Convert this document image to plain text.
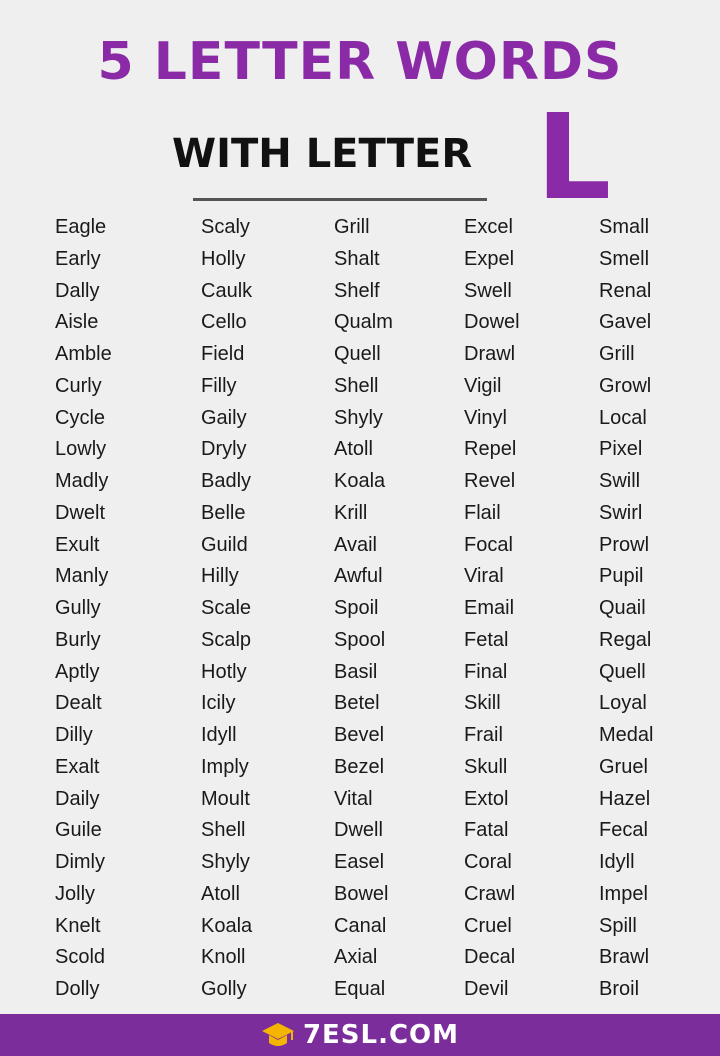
5 LETTER WORDS
WITH LETTER L
Eagle
Early
Dally
Aisle
Amble
Curly
Cycle
Lowly
Madly
Dwelt
Exult
Manly
Gully
Burly
Aptly
Dealt
Dilly
Exalt
Daily
Guile
Dimly
Jolly
Knelt
Scold
Dolly
Scaly
Holly
Caulk
Cello
Field
Filly
Gaily
Dryly
Badly
Belle
Guild
Hilly
Scale
Scalp
Hotly
Icily
Idyll
Imply
Moult
Shell
Shyly
Atoll
Koala
Knoll
Golly
Grill
Shalt
Shelf
Qualm
Quell
Shell
Shyly
Atoll
Koala
Krill
Avail
Awful
Spoil
Spool
Basil
Betel
Bevel
Bezel
Vital
Dwell
Easel
Bowel
Canal
Axial
Equal
Excel
Expel
Swell
Dowel
Drawl
Vigil
Vinyl
Repel
Revel
Flail
Focal
Viral
Email
Fetal
Final
Skill
Frail
Skull
Extol
Fatal
Coral
Crawl
Cruel
Decal
Devil
Small
Smell
Renal
Gavel
Grill
Growl
Local
Pixel
Swill
Swirl
Prowl
Pupil
Quail
Regal
Quell
Loyal
Medal
Gruel
Hazel
Fecal
Idyll
Impel
Spill
Brawl
Broil
7ESL.COM
